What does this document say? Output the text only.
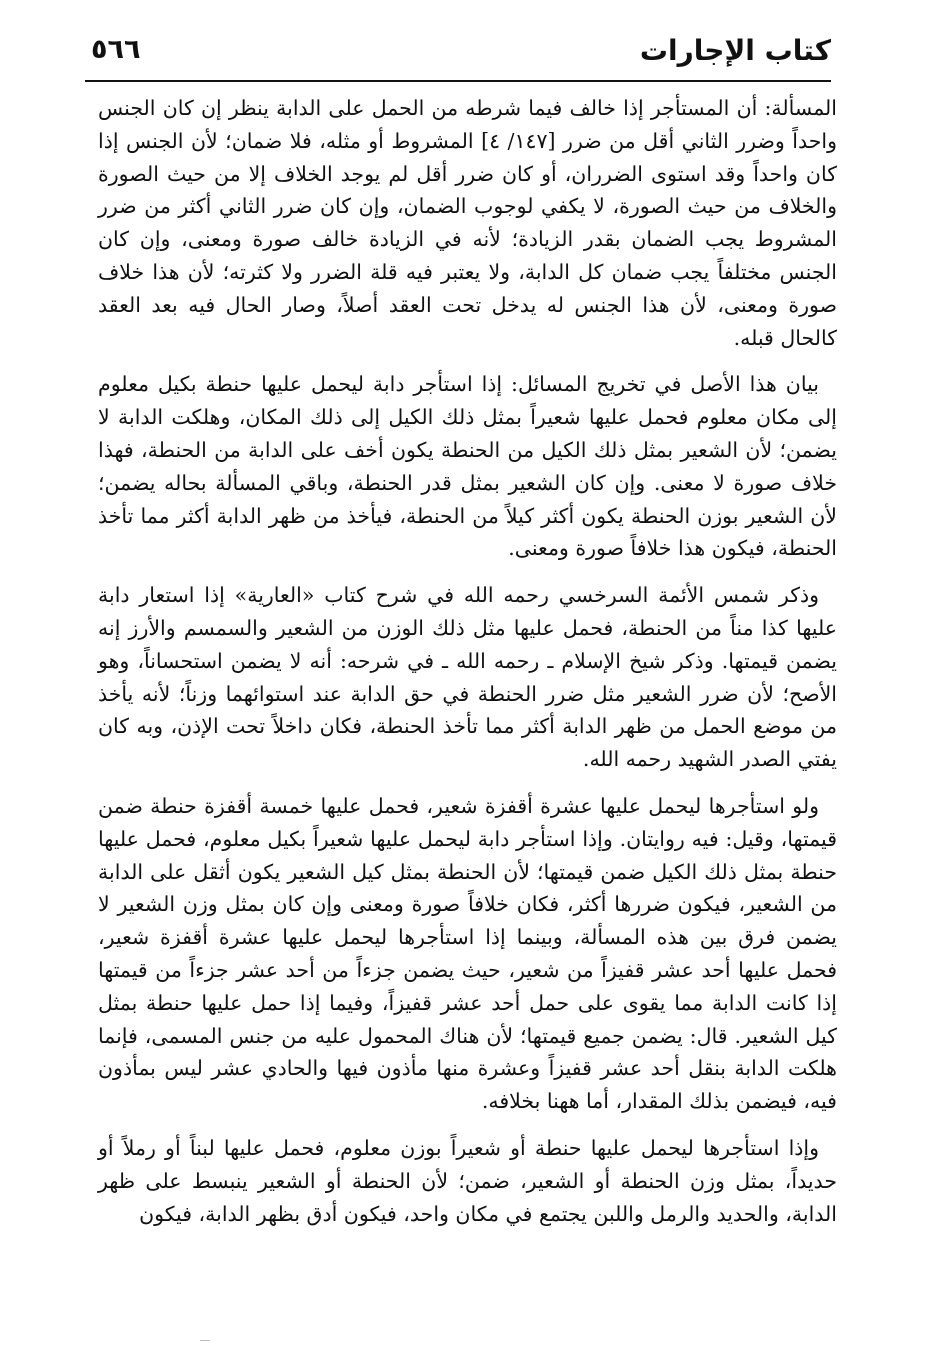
كتاب الإجارات
٥٦٦

المسألة: أن المستأجر إذا خالف فيما شرطه من الحمل على الدابة ينظر إن كان الجنس واحداً وضرر الثاني أقل من ضرر [١٤٧/ ٤] المشروط أو مثله، فلا ضمان؛ لأن الجنس إذا كان واحداً وقد استوى الضرران، أو كان ضرر أقل لم يوجد الخلاف إلا من حيث الصورة والخلاف من حيث الصورة، لا يكفي لوجوب الضمان، وإن كان ضرر الثاني أكثر من ضرر المشروط يجب الضمان بقدر الزيادة؛ لأنه في الزيادة خالف صورة ومعنى، وإن كان الجنس مختلفاً يجب ضمان كل الدابة، ولا يعتبر فيه قلة الضرر ولا كثرته؛ لأن هذا خلاف صورة ومعنى، لأن هذا الجنس له يدخل تحت العقد أصلاً، وصار الحال فيه بعد العقد كالحال قبله.

بيان هذا الأصل في تخريج المسائل: إذا استأجر دابة ليحمل عليها حنطة بكيل معلوم إلى مكان معلوم فحمل عليها شعيراً بمثل ذلك الكيل إلى ذلك المكان، وهلكت الدابة لا يضمن؛ لأن الشعير بمثل ذلك الكيل من الحنطة يكون أخف على الدابة من الحنطة، فهذا خلاف صورة لا معنى. وإن كان الشعير بمثل قدر الحنطة، وباقي المسألة بحاله يضمن؛ لأن الشعير بوزن الحنطة يكون أكثر كيلاً من الحنطة، فيأخذ من ظهر الدابة أكثر مما تأخذ الحنطة، فيكون هذا خلافاً صورة ومعنى.

وذكر شمس الأئمة السرخسي رحمه الله في شرح كتاب «العارية» إذا استعار دابة عليها كذا مناً من الحنطة، فحمل عليها مثل ذلك الوزن من الشعير والسمسم والأرز إنه يضمن قيمتها. وذكر شيخ الإسلام ـ رحمه الله ـ في شرحه: أنه لا يضمن استحساناً، وهو الأصح؛ لأن ضرر الشعير مثل ضرر الحنطة في حق الدابة عند استوائهما وزناً؛ لأنه يأخذ من موضع الحمل من ظهر الدابة أكثر مما تأخذ الحنطة، فكان داخلاً تحت الإذن، وبه كان يفتي الصدر الشهيد رحمه الله.

ولو استأجرها ليحمل عليها عشرة أقفزة شعير، فحمل عليها خمسة أقفزة حنطة ضمن قيمتها، وقيل: فيه روايتان. وإذا استأجر دابة ليحمل عليها شعيراً بكيل معلوم، فحمل عليها حنطة بمثل ذلك الكيل ضمن قيمتها؛ لأن الحنطة بمثل كيل الشعير يكون أثقل على الدابة من الشعير، فيكون ضررها أكثر، فكان خلافاً صورة ومعنى وإن كان بمثل وزن الشعير لا يضمن فرق بين هذه المسألة، وبينما إذا استأجرها ليحمل عليها عشرة أقفزة شعير، فحمل عليها أحد عشر قفيزاً من شعير، حيث يضمن جزءاً من أحد عشر جزءاً من قيمتها إذا كانت الدابة مما يقوى على حمل أحد عشر قفيزاً، وفيما إذا حمل عليها حنطة بمثل كيل الشعير. قال: يضمن جميع قيمتها؛ لأن هناك المحمول عليه من جنس المسمى، فإنما هلكت الدابة بنقل أحد عشر قفيزاً وعشرة منها مأذون فيها والحادي عشر ليس بمأذون فيه، فيضمن بذلك المقدار، أما ههنا بخلافه.

وإذا استأجرها ليحمل عليها حنطة أو شعيراً بوزن معلوم، فحمل عليها لبناً أو رملاً أو حديداً، بمثل وزن الحنطة أو الشعير، ضمن؛ لأن الحنطة أو الشعير ينبسط على ظهر الدابة، والحديد والرمل واللبن يجتمع في مكان واحد، فيكون أدق بظهر الدابة، فيكون
